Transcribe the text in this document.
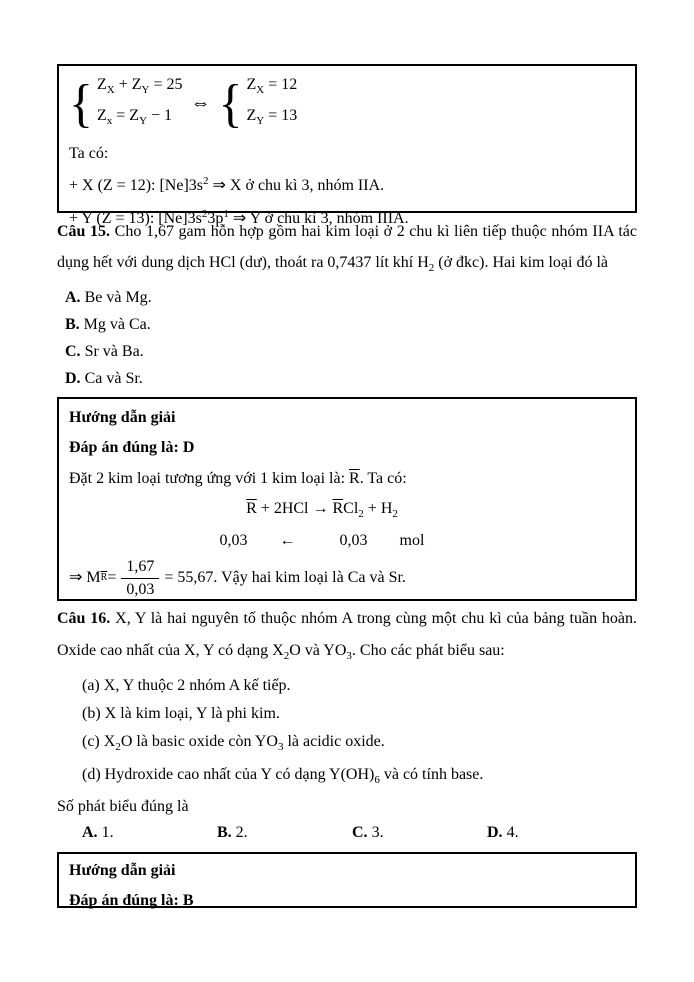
{ $Z_X + Z_Y = 25$
$Z_x = Z_Y - 1$
⇔ { $Z_X = 12$
$Z_Y = 13$
Ta có:
+ X (Z = 12): $[Ne]3s^2$ ⇒ X ở chu kì 3, nhóm IIA.
+ Y (Z = 13): $[Ne]3s^23p^1$ ⇒ Y ở chu kì 3, nhóm IIIA.

Câu 15. Cho 1,67 gam hỗn hợp gồm hai kim loại ở 2 chu kì liên tiếp thuộc nhóm IIA tác dụng hết với dung dịch HCl (dư), thoát ra 0,7437 lít khí $H_2$ (ở đkc). Hai kim loại đó là

A. Be và Mg.
B. Mg và Ca.
C. Sr và Ba.
D. Ca và Sr.
Hướng dẫn giải
Đáp án đúng là: D
Đặt 2 kim loại tương ứng với 1 kim loại là: $\overline{R}$. Ta có:
$\overline{R} + 2HCl \to \overline{R}Cl_2 + H_2$
0,03 ←	0,03 mol
⇒ M $\overline{R} = \frac{1,67}{0,03} = 55,67$. Vậy hai kim loại là Ca và Sr.

Câu 16. X, Y là hai nguyên tố thuộc nhóm A trong cùng một chu kì của bảng tuần hoàn. Oxide cao nhất của X, Y có dạng $X_2O$ và $YO_3$. Cho các phát biểu sau:

(a) X, Y thuộc 2 nhóm A kế tiếp.
(b) X là kim loại, Y là phi kim.
(c) $X_2O$ là basic oxide còn $YO_3$ là acidic oxide.
(d) Hydroxide cao nhất của Y có dạng $Y(OH)_6$ và có tính base.
Số phát biểu đúng là
A. 1.	B. 2.	C. 3.	D. 4.
Hướng dẫn giải
Đáp án đúng là: B
